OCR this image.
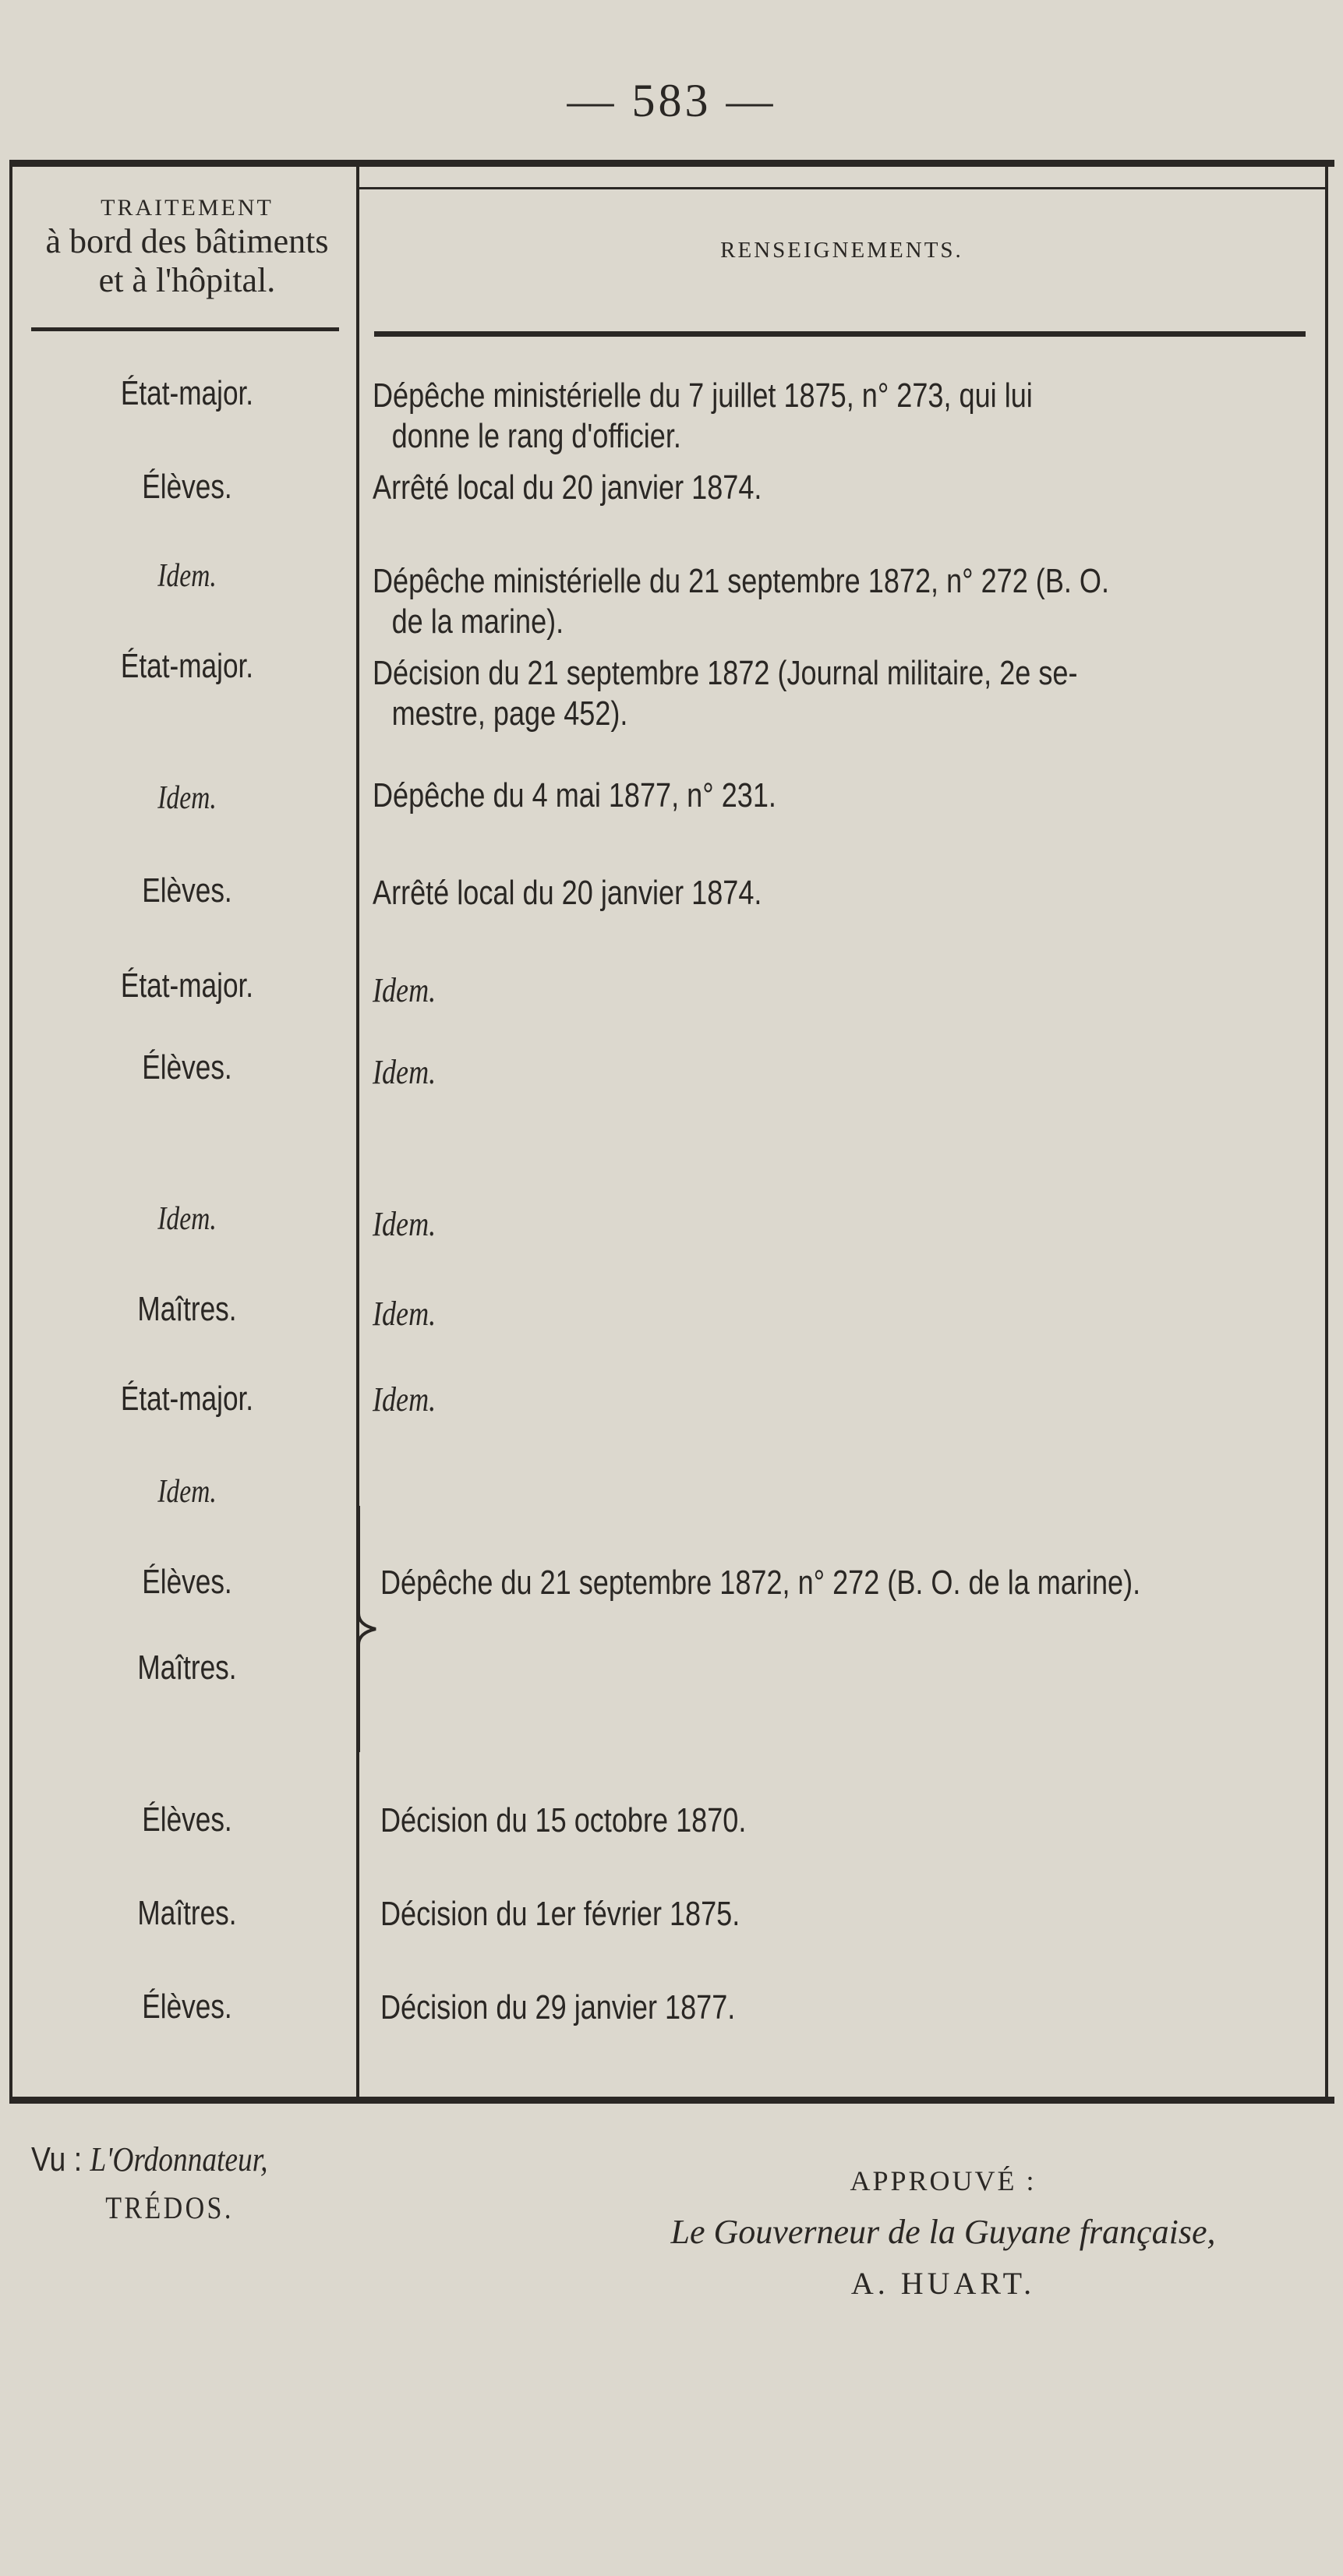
— 583 —
TRAITEMENT
à bord des bâtiments
et à l'hôpital.
RENSEIGNEMENTS.
État-major.
Élèves.
Idem.
État-major.
Idem.
Elèves.
État-major.
Élèves.
Idem.
Maîtres.
État-major.
Idem.
Élèves.
Maîtres.
Élèves.
Maîtres.
Élèves.
Dépêche ministérielle du 7 juillet 1875, n° 273, qui lui
donne le rang d'officier.
Arrêté local du 20 janvier 1874.
Dépêche ministérielle du 21 septembre 1872, n° 272 (B. O.
de la marine).
Décision du 21 septembre 1872 (Journal militaire, 2e se-
mestre, page 452).
Dépêche du 4 mai 1877, n° 231.
Arrêté local du 20 janvier 1874.
Idem.
Idem.
Idem.
Idem.
Idem.
Dépêche du 21 septembre 1872, n° 272 (B. O. de la marine).
Décision du 15 octobre 1870.
Décision du 1er février 1875.
Décision du 29 janvier 1877.
Vu : L'Ordonnateur,
TRÉDOS.
APPROUVÉ :
Le Gouverneur de la Guyane française,
A. HUART.
